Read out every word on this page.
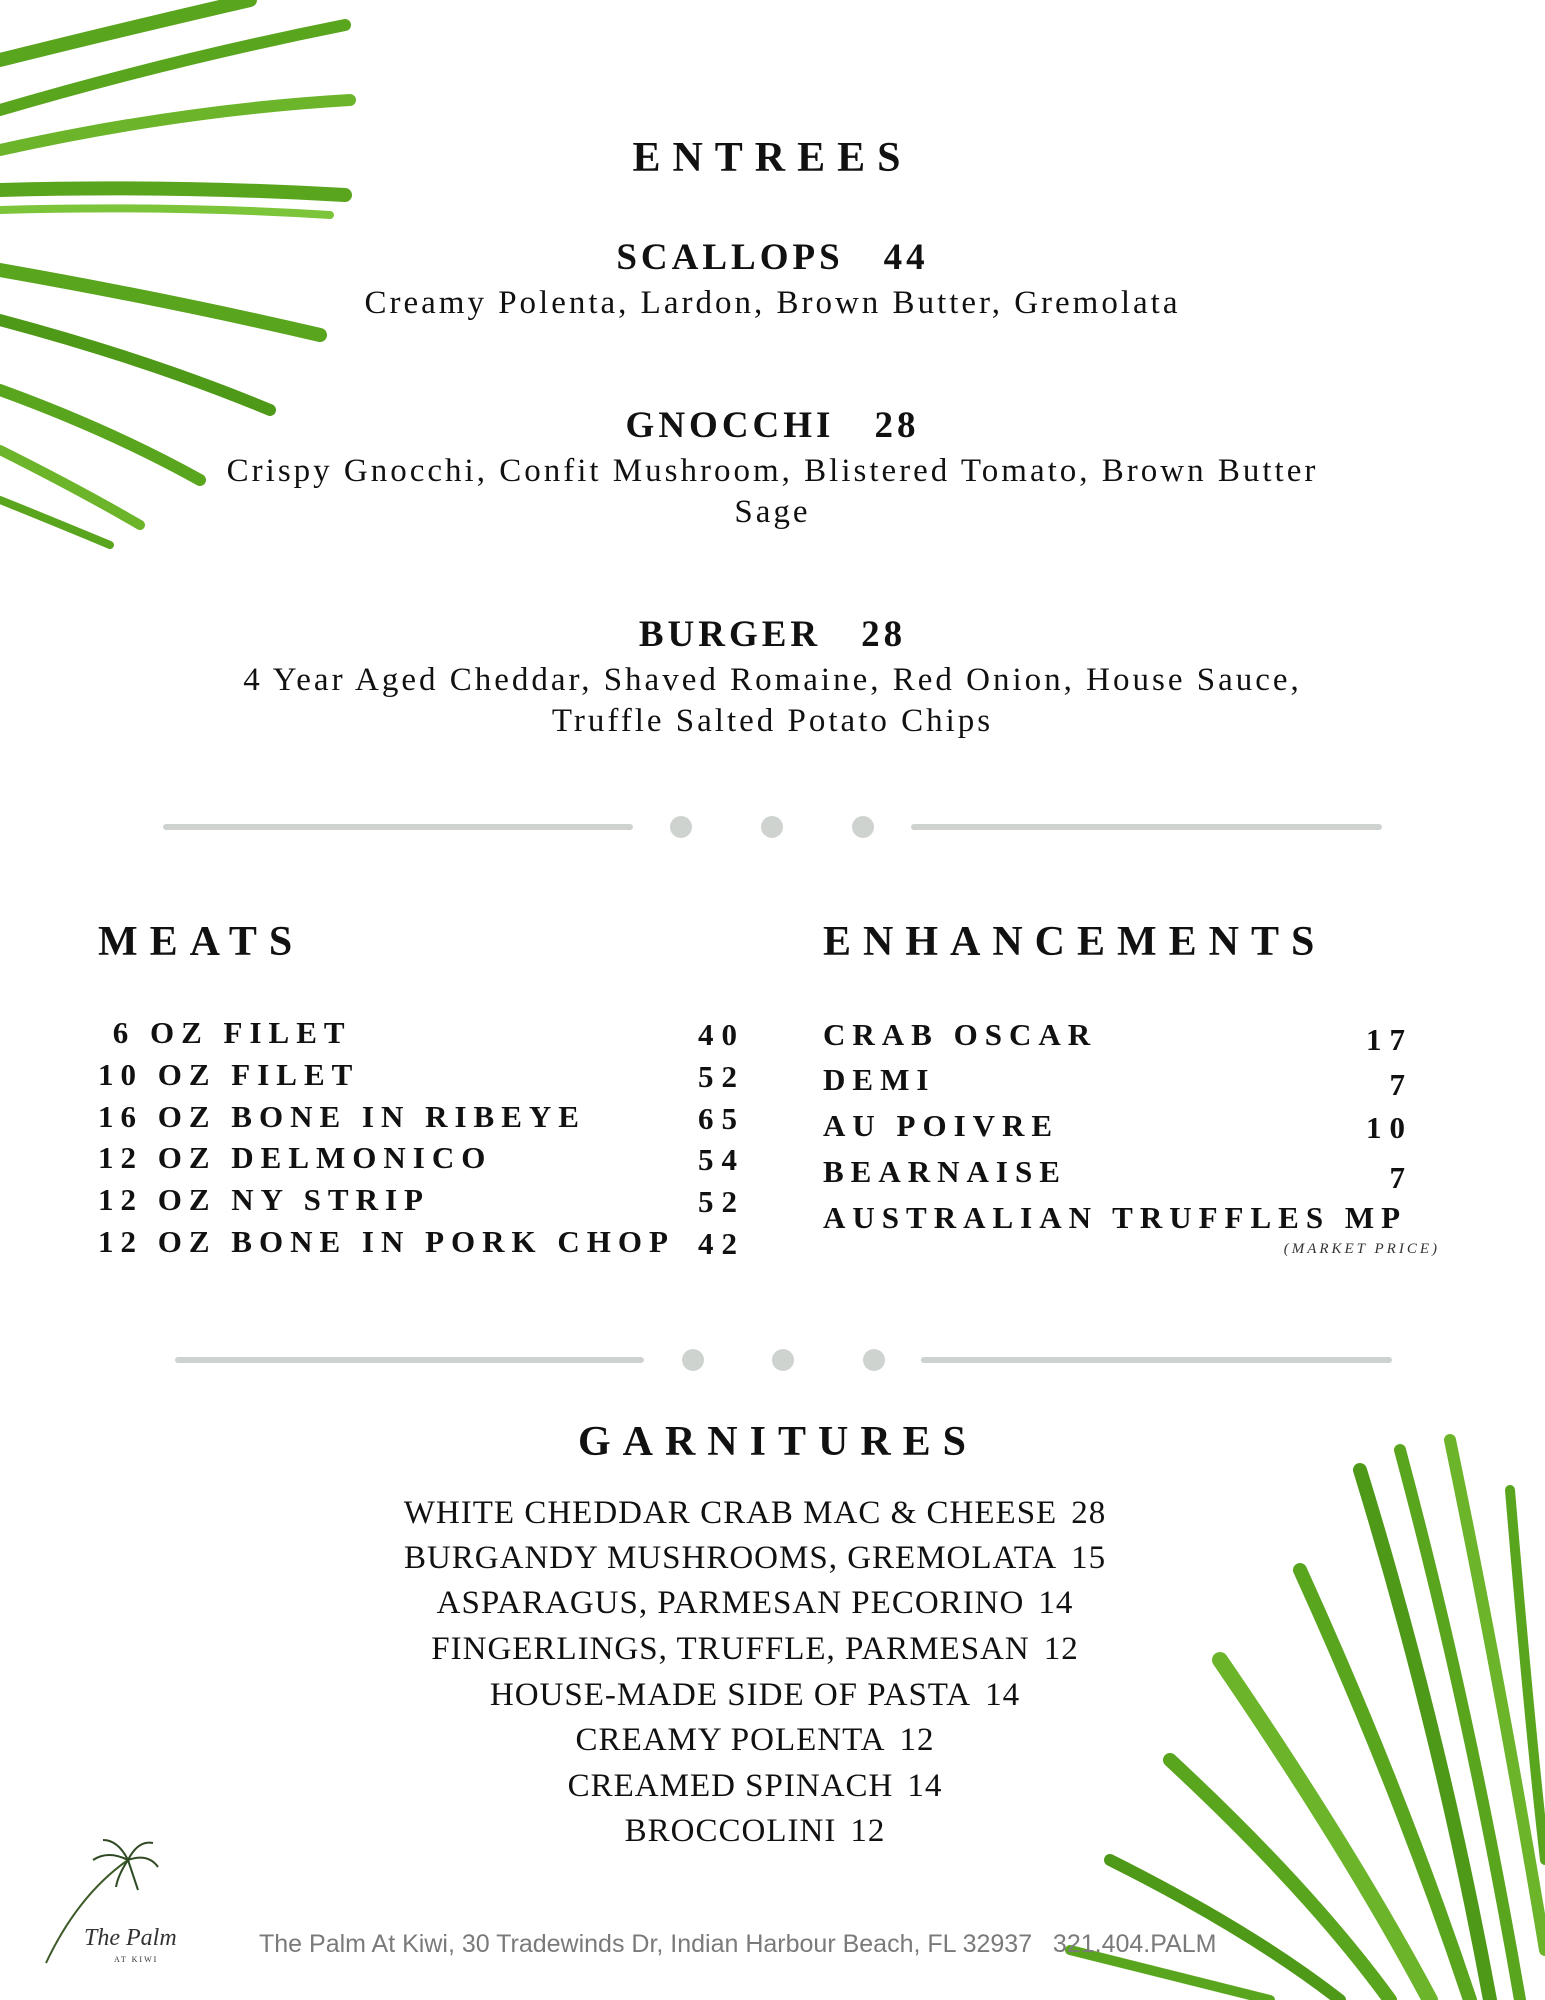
ENTREES
SCALLOPS 44
Creamy Polenta, Lardon, Brown Butter, Gremolata
GNOCCHI 28
Crispy Gnocchi, Confit Mushroom, Blistered Tomato, Brown Butter
Sage
BURGER 28
4 Year Aged Cheddar, Shaved Romaine, Red Onion, House Sauce,
Truffle Salted Potato Chips
MEATS
6 OZ FILET	40
10 OZ FILET	52
16 OZ BONE IN RIBEYE	65
12 OZ DELMONICO	54
12 OZ NY STRIP	52
12 OZ BONE IN PORK CHOP 42
ENHANCEMENTS
CRAB OSCAR	17
DEMI	7
AU POIVRE	10
BEARNAISE	7
AUSTRALIAN TRUFFLES MP
(MARKET PRICE)
GARNITURES
WHITE CHEDDAR CRAB MAC & CHEESE 28
BURGANDY MUSHROOMS, GREMOLATA 15
ASPARAGUS, PARMESAN PECORINO 14
FINGERLINGS, TRUFFLE, PARMESAN 12
HOUSE-MADE SIDE OF PASTA 14
CREAMY POLENTA 12
CREAMED SPINACH 14
BROCCOLINI 12
The Palm
AT KIWI
The Palm At Kiwi, 30 Tradewinds Dr, Indian Harbour Beach, FL 32937   321.404.PALM
